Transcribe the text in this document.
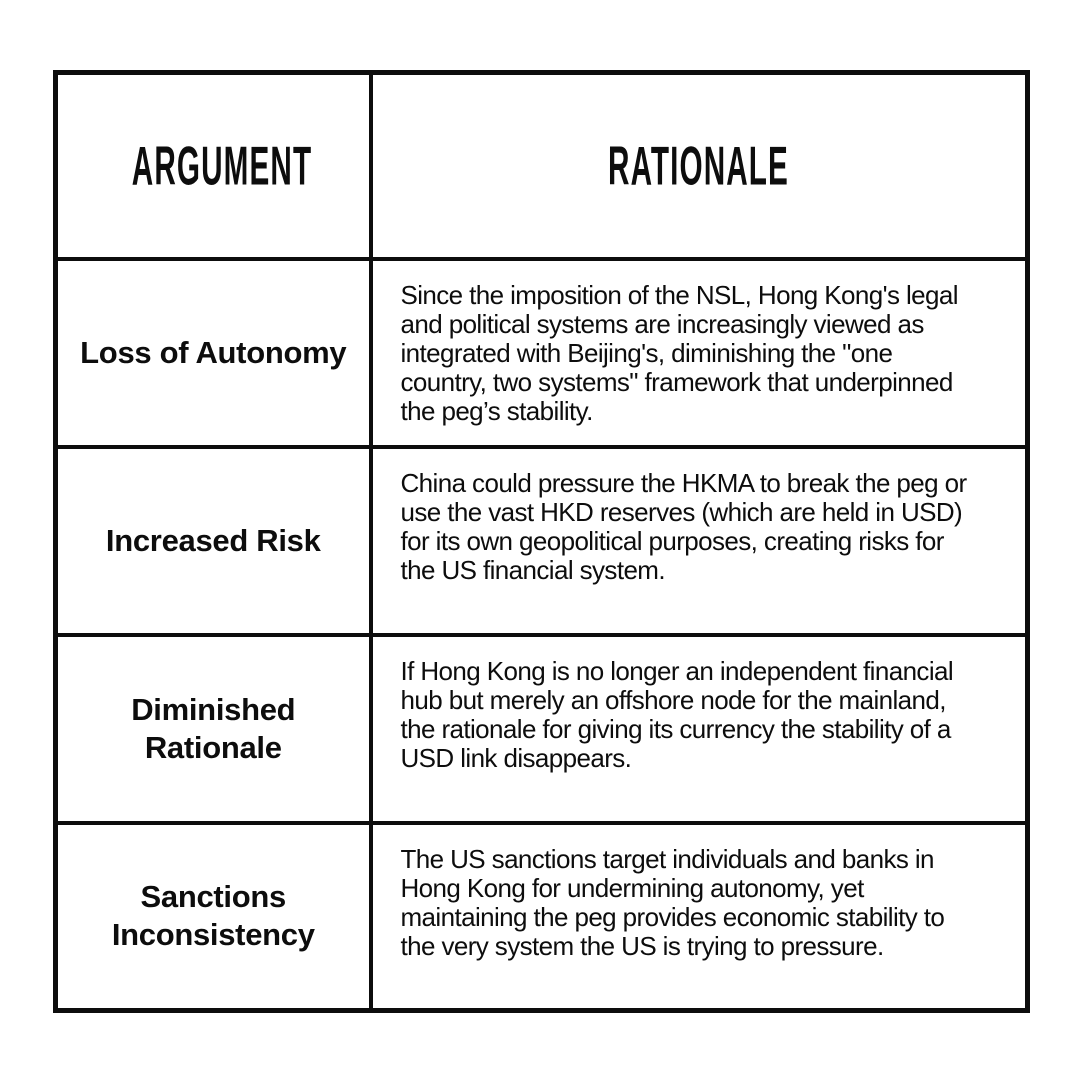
ARGUMENT	RATIONALE
Loss of Autonomy	Since the imposition of the NSL, Hong Kong's legal
and political systems are increasingly viewed as
integrated with Beijing's, diminishing the "one
country, two systems" framework that underpinned
the peg’s stability.
Increased Risk	China could pressure the HKMA to break the peg or
use the vast HKD reserves (which are held in USD)
for its own geopolitical purposes, creating risks for
the US financial system.
Diminished
Rationale	If Hong Kong is no longer an independent financial
hub but merely an offshore node for the mainland,
the rationale for giving its currency the stability of a
USD link disappears.
Sanctions
Inconsistency	The US sanctions target individuals and banks in
Hong Kong for undermining autonomy, yet
maintaining the peg provides economic stability to
the very system the US is trying to pressure.
